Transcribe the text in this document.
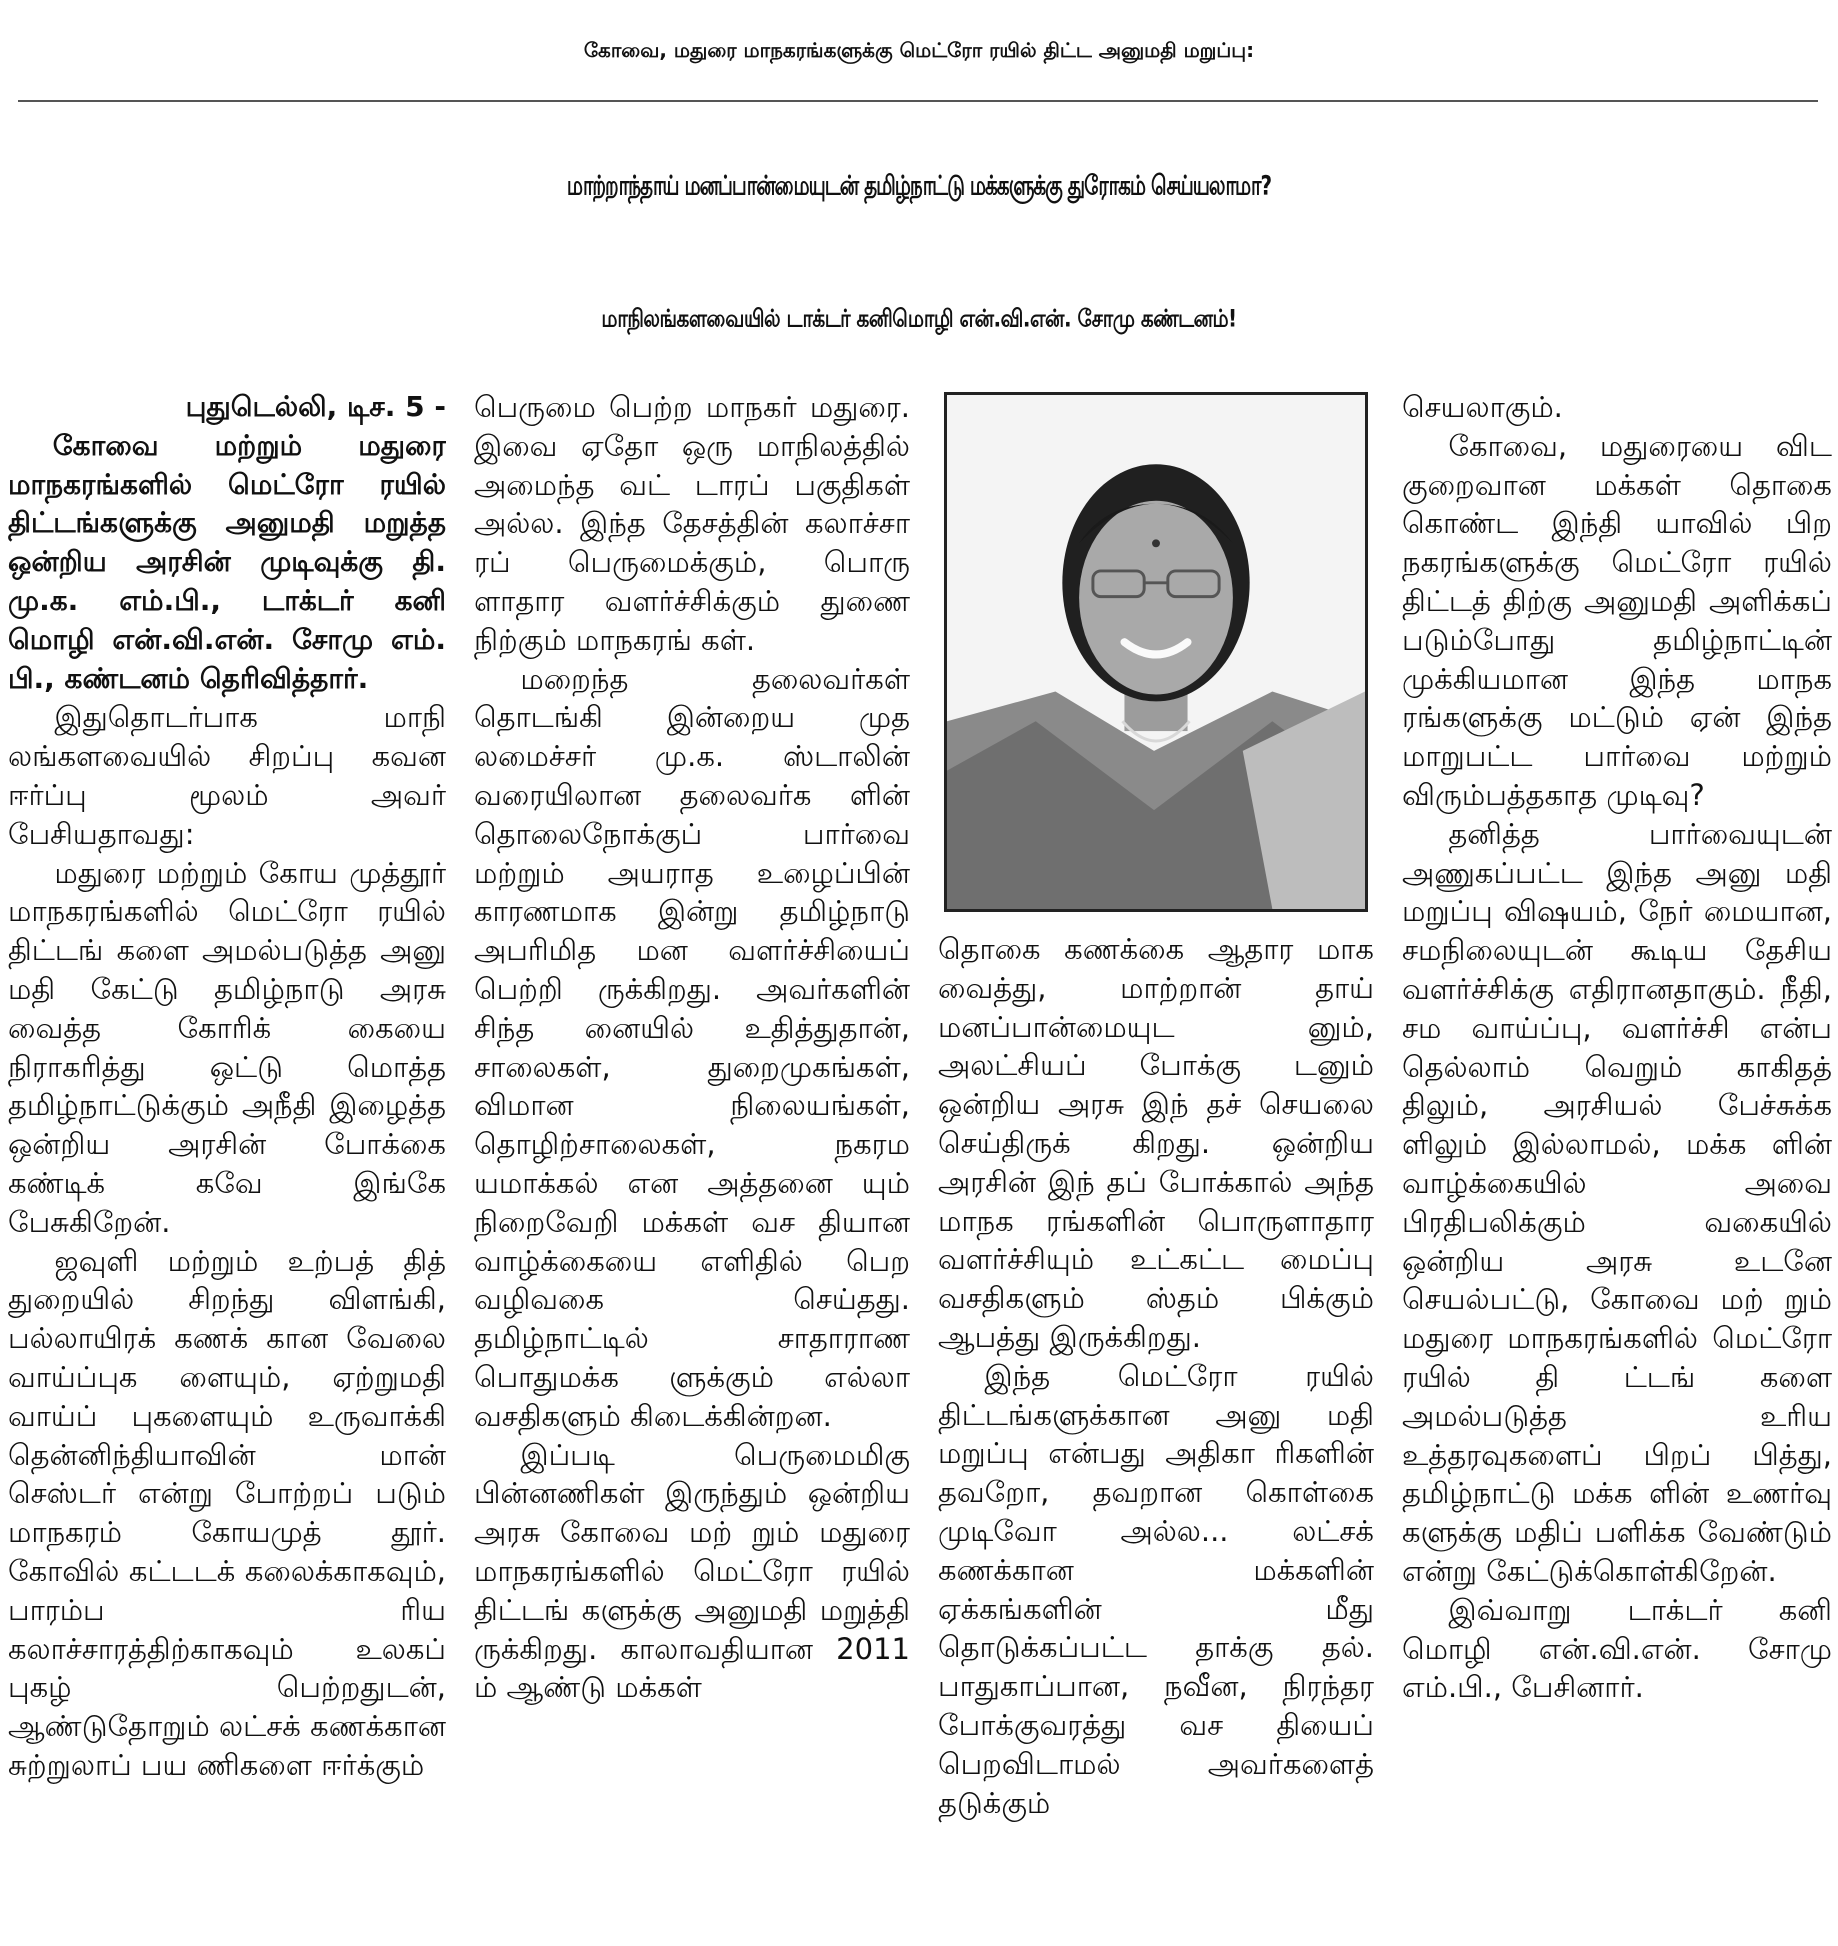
கோவை, மதுரை மாநகரங்களுக்கு மெட்ரோ ரயில் திட்ட அனுமதி மறுப்பு:
மாற்றாந்தாய் மனப்பான்மையுடன் தமிழ்நாட்டு மக்களுக்கு துரோகம் செய்யலாமா?
மாநிலங்களவையில் டாக்டர் கனிமொழி என்.வி.என். சோமு கண்டனம்!

புதுடெல்லி, டிச. 5 -

கோவை மற்றும் மதுரை மாநகரங்களில் மெட்ரோ ரயில் திட்டங்களுக்கு அனுமதி மறுத்த ஒன்றிய அரசின் முடிவுக்கு தி. மு.க. எம்.பி., டாக்டர் கனி மொழி என்.வி.என். சோமு எம். பி., கண்டனம் தெரிவித்தார்.

இதுதொடர்பாக மாநி லங்களவையில் சிறப்பு கவன ஈர்ப்பு மூலம் அவர் பேசியதாவது:

மதுரை மற்றும் கோய முத்தூர் மாநகரங்களில் மெட்ரோ ரயில் திட்டங் களை அமல்படுத்த அனு மதி கேட்டு தமிழ்நாடு அரசு வைத்த கோரிக் கையை நிராகரித்து ஒட்டு மொத்த தமிழ்நாட்டுக்கும் அநீதி இழைத்த ஒன்றிய அரசின் போக்கை கண்டிக் கவே இங்கே பேசுகிறேன்.

ஜவுளி மற்றும் உற்பத் தித் துறையில் சிறந்து விளங்கி, பல்லாயிரக் கணக் கான வேலை வாய்ப்புக ளையும், ஏற்றுமதி வாய்ப் புகளையும் உருவாக்கி தென்னிந்தியாவின் மான் செஸ்டர் என்று போற்றப் படும் மாநகரம் கோயமுத் தூர். கோவில் கட்டடக் கலைக்காகவும், பாரம்ப ரிய கலாச்சாரத்திற்காகவும் உலகப் புகழ் பெற்றதுடன், ஆண்டுதோறும் லட்சக் கணக்கான சுற்றுலாப் பய ணிகளை ஈர்க்கும்

பெருமை பெற்ற மாநகர் மதுரை. இவை ஏதோ ஒரு மாநிலத்தில் அமைந்த வட் டாரப் பகுதிகள் அல்ல. இந்த தேசத்தின் கலாச்சா ரப் பெருமைக்கும், பொரு ளாதார வளர்ச்சிக்கும் துணை நிற்கும் மாநகரங் கள்.

மறைந்த தலைவர்கள் தொடங்கி இன்றைய முத லமைச்சர் மு.க. ஸ்டாலின் வரையிலான தலைவர்க ளின் தொலைநோக்குப் பார்வை மற்றும் அயராத உழைப்பின் காரணமாக இன்று தமிழ்நாடு அபரிமித மன வளர்ச்சியைப் பெற்றி ருக்கிறது. அவர்களின் சிந்த னையில் உதித்துதான், சாலைகள், துறைமுகங்கள், விமான நிலையங்கள், தொழிற்சாலைகள், நகரம யமாக்கல் என அத்தனை யும் நிறைவேறி மக்கள் வச தியான வாழ்க்கையை எளிதில் பெற வழிவகை செய்தது. தமிழ்நாட்டில் சாதாராண பொதுமக்க ளுக்கும் எல்லா வசதிகளும் கிடைக்கின்றன.

இப்படி பெருமைமிகு பின்னணிகள் இருந்தும் ஒன்றிய அரசு கோவை மற் றும் மதுரை மாநகரங்களில் மெட்ரோ ரயில் திட்டங் களுக்கு அனுமதி மறுத்தி ருக்கிறது. காலாவதியான 2011 ம் ஆண்டு மக்கள்

தொகை கணக்கை ஆதார மாக வைத்து, மாற்றான் தாய் மனப்பான்மையுட னும், அலட்சியப் போக்கு டனும் ஒன்றிய அரசு இந் தச் செயலை செய்திருக் கிறது. ஒன்றிய அரசின் இந் தப் போக்கால் அந்த மாநக ரங்களின் பொருளாதார வளர்ச்சியும் உட்கட்ட மைப்பு வசதிகளும் ஸ்தம் பிக்கும் ஆபத்து இருக்கிறது.

இந்த மெட்ரோ ரயில் திட்டங்களுக்கான அனு மதி மறுப்பு என்பது அதிகா ரிகளின் தவறோ, தவறான கொள்கை முடிவோ அல்ல... லட்சக் கணக்கான மக்களின் ஏக்கங்களின் மீது தொடுக்கப்பட்ட தாக்கு தல். பாதுகாப்பான, நவீன, நிரந்தர போக்குவரத்து வச தியைப் பெறவிடாமல் அவர்களைத் தடுக்கும்

செயலாகும்.

கோவை, மதுரையை விட குறைவான மக்கள் தொகை கொண்ட இந்தி யாவில் பிற நகரங்களுக்கு மெட்ரோ ரயில் திட்டத் திற்கு அனுமதி அளிக்கப் படும்போது தமிழ்நாட்டின் முக்கியமான இந்த மாநக ரங்களுக்கு மட்டும் ஏன் இந்த மாறுபட்ட பார்வை மற்றும் விரும்பத்தகாத முடிவு?

தனித்த பார்வையுடன் அணுகப்பட்ட இந்த அனு மதி மறுப்பு விஷயம், நேர் மையான, சமநிலையுடன் கூடிய தேசிய வளர்ச்சிக்கு எதிரானதாகும். நீதி, சம வாய்ப்பு, வளர்ச்சி என்ப தெல்லாம் வெறும் காகிதத் திலும், அரசியல் பேச்சுக்க ளிலும் இல்லாமல், மக்க ளின் வாழ்க்கையில் அவை பிரதிபலிக்கும் வகையில் ஒன்றிய அரசு உடனே செயல்பட்டு, கோவை மற் றும் மதுரை மாநகரங்களில் மெட்ரோ ரயில் தி ட்டங் களை அமல்படுத்த உரிய உத்தரவுகளைப் பிறப் பித்து, தமிழ்நாட்டு மக்க ளின் உணர்வு களுக்கு மதிப் பளிக்க வேண்டும் என்று கேட்டுக்கொள்கிறேன்.

இவ்வாறு டாக்டர் கனி மொழி என்.வி.என். சோமு எம்.பி., பேசினார்.
